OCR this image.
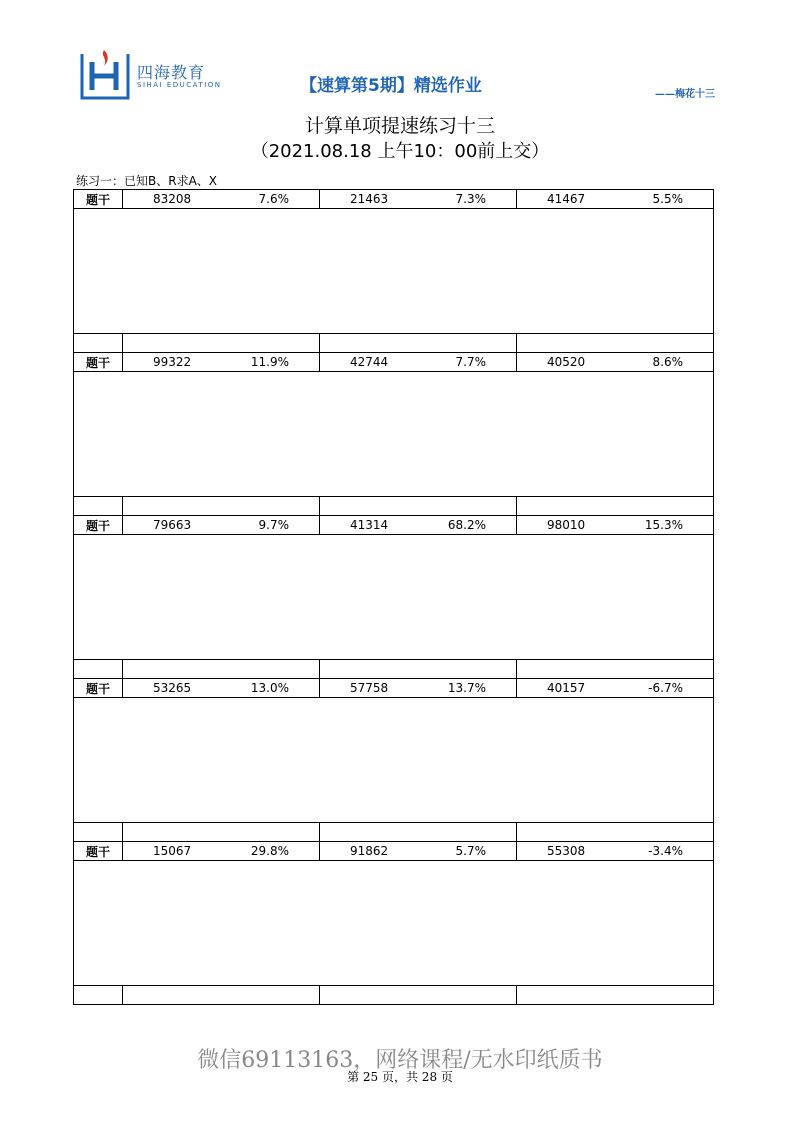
四海教育
SIHAI EDUCATION	【速算第5期】精选作业	——梅花十三
计算单项提速练习十三
（2021.08.18 上午10：00前上交）
练习一：已知B、R求A、X
题干	83208 7.6%	21463 7.3%	41467 5.5%

题干	99322 11.9%	42744 7.7%	40520 8.6%

题干	79663 9.7%	41314 68.2%	98010 15.3%

题干	53265 13.0%	57758 13.7%	40157 -6.7%

题干	15067 29.8%	91862 5.7%	55308 -3.4%

微信69113163，网络课程/无水印纸质书
第 25 页，共 28 页
